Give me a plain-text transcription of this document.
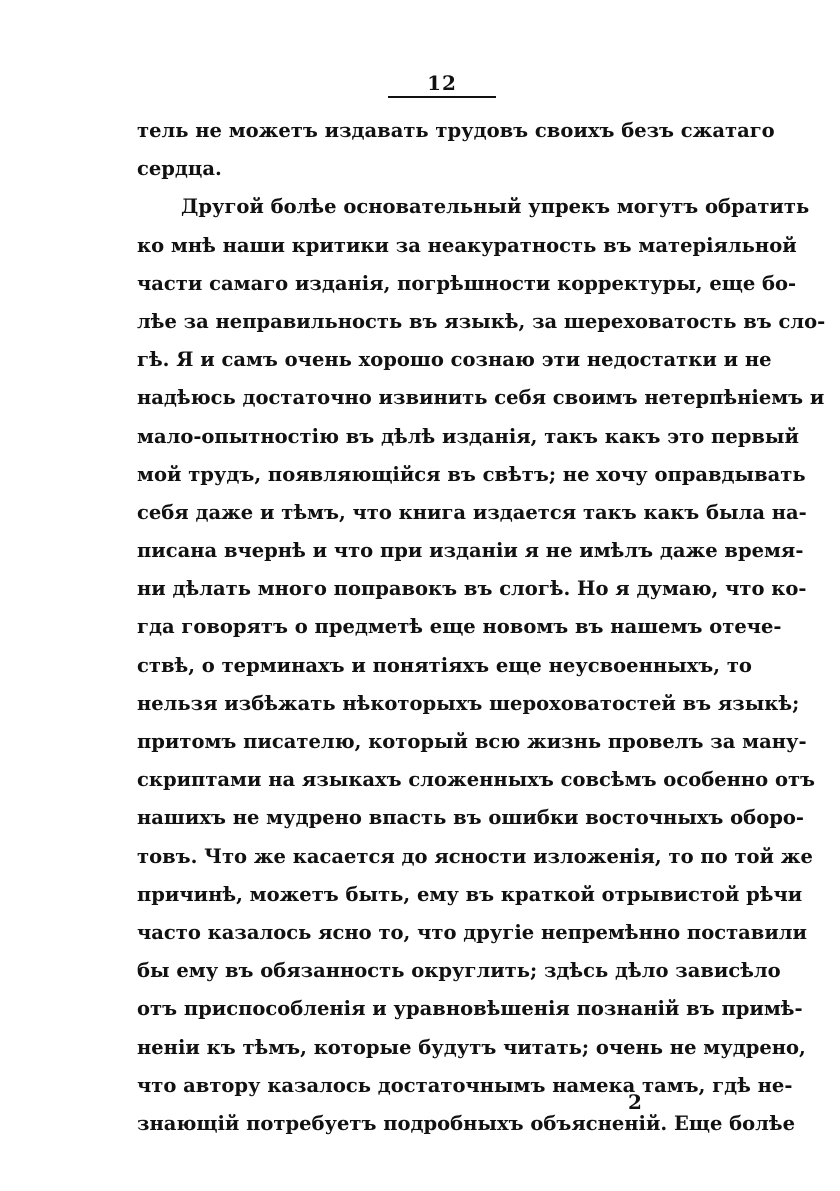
12
тель не можетъ издавать трудовъ своихъ безъ сжатаго
сердца.
Другой болѣе основательный упрекъ могутъ обратить
ко мнѣ наши критики за неакуратность въ матеріяльной
части самаго изданія, погрѣшности корректуры, еще бо-
лѣе за неправильность въ языкѣ, за шереховатость въ сло-
гѣ. Я и самъ очень хорошо сознаю эти недостатки и не
надѣюсь достаточно извинить себя своимъ нетерпѣніемъ и
мало-опытностію въ дѣлѣ изданія, такъ какъ это первый
мой трудъ, появляющійся въ свѣтъ; не хочу оправдывать
себя даже и тѣмъ, что книга издается такъ какъ была на-
писана вчернѣ и что при изданіи я не имѣлъ даже время-
ни дѣлать много поправокъ въ слогѣ. Но я думаю, что ко-
гда говорятъ о предметѣ еще новомъ въ нашемъ отече-
ствѣ, о терминахъ и понятіяхъ еще неусвоенныхъ, то
нельзя избѣжать нѣкоторыхъ шероховатостей въ языкѣ;
притомъ писателю, который всю жизнь провелъ за ману-
скриптами на языкахъ сложенныхъ совсѣмъ особенно отъ
нашихъ не мудрено впасть въ ошибки восточныхъ оборо-
товъ. Что же касается до ясности изложенія, то по той же
причинѣ, можетъ быть, ему въ краткой отрывистой рѣчи
часто казалось ясно то, что другіе непремѣнно поставили
бы ему въ обязанность округлить; здѣсь дѣло зависѣло
отъ приспособленія и уравновѣшенія познаній въ примѣ-
неніи къ тѣмъ, которые будутъ читать; очень не мудрено,
что автору казалось достаточнымъ намека тамъ, гдѣ не-
знающій потребуетъ подробныхъ объясненій. Еще болѣе
2
